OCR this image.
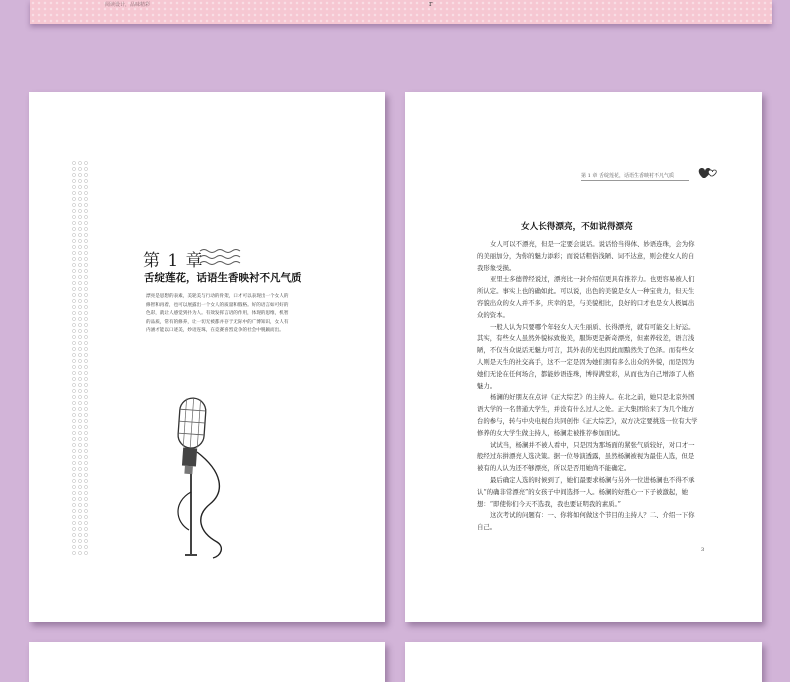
阅读设计，品味精彩	r
第 1 章
舌绽莲花，话语生香映衬不凡气质
漂亮是思想的表素，美轮美与行动的骨架，口才可以表现出一个女人的修智和再着，也可以展露出一个女人的质量和假格。好的语言如可好的色彩，就让人感觉到扑为人。有效发挥言语的作用，体现的思维，机智的品质，常有的修养，让一切无被都并存于无际中的广博知识，女人有内涵才能以口迹美，妙语连珠，在竞赛喜烈竞争的社会中脱颖而出。
第 1 章 舌绽莲花，话语生香映衬不凡气质
女人长得漂亮，不如说得漂亮

女人可以不漂亮，但是一定要会说话。说话恰当得体、妙语连珠，会为你的美丽加分，为你的魅力添彩；而说话粗俗浅陋、词不达意，则会使女人的自我形象受损。

亚里士多德曾经说过，漂亮比一封介绍信更具有推荐力。也更容易被人们所认定。事实上也的确如此。可以说，出色的美貌是女人一种宝贵力，但天生容貌出众的女人并不多，庆幸的是，与美貌相比，良好的口才也是女人极属出众的资本。

一般人认为只要哪个年轻女人天生丽质、长得漂亮，就有可能交上好运。其实，有些女人虽然外貌标致俊美，服饰更是新奇漂亮，但素养较差，语言浅陋，不仅当众说话无魅力可言，其外表的光也因此而黯然失了色泽。而有些女人则是天生的社交高手，这不一定是因为她们拥有多么出众的外貌，而是因为她们无论在任何场合，都能妙语连珠，博得满堂彩，从而也为自己增添了人格魅力。

杨澜的好朋友在点评《正大综艺》的主持人。在北之前，她只是北京外国语大学的一名普通大学生，并没有什么过人之处。正大集团给来了为几个地方台的参与，转与中央电视台共同创作《正大综艺》，双方决定要挑选一位有大学修养的女大学生做主持人，杨澜走被推荐参加面试。

试试当，杨澜并不被人看中，只是因为那场面的紧张气质较好，对口才一般经过东拼漂亮人选决策。据一位导演透露，虽然杨澜被视为最佳人选，但是被有的人认为还不够漂亮，所以是否用她尚不能确定。

最后确定人选的时候到了，她们最要求杨澜与另外一位进杨澜也不得不承认“的确非常漂亮”的女孩子中间选择一人。杨澜的好胜心一下子被激起，她想：“即使你们今天不选我，我也要证明我的素质。”

这次考试的问题有：一、你将如何做这个节目的主持人？二、介绍一下你自己。

3
